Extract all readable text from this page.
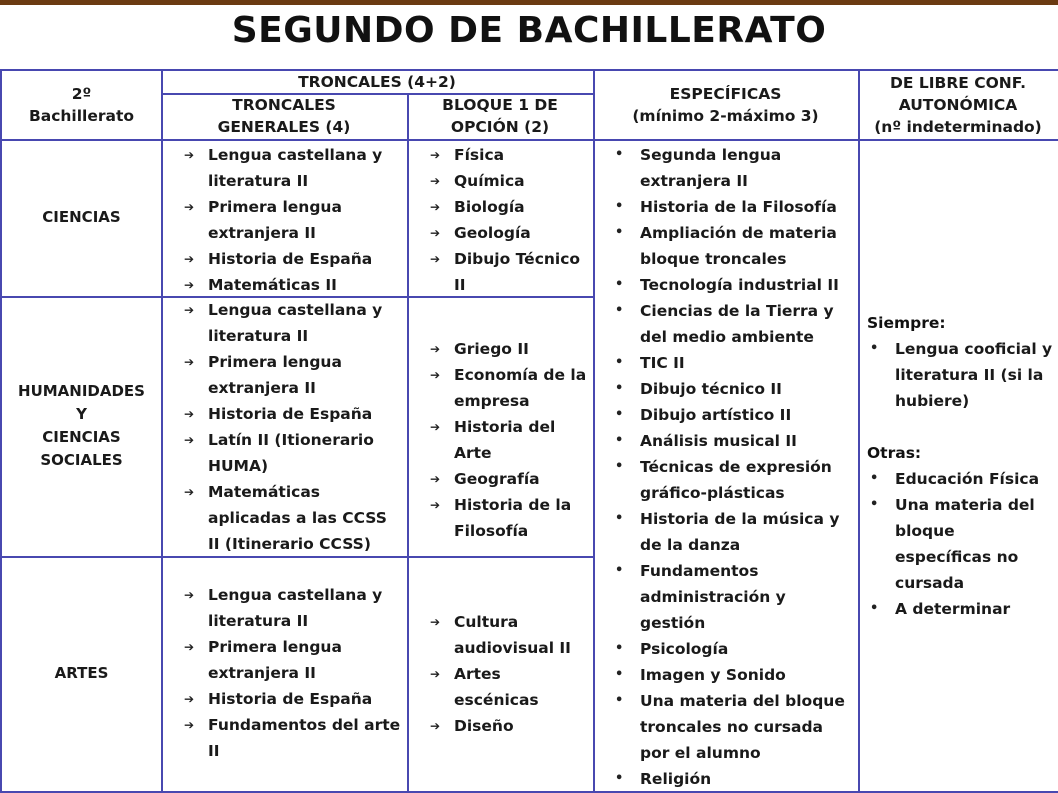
SEGUNDO DE BACHILLERATO
2º
Bachillerato
TRONCALES (4+2)
TRONCALES
GENERALES (4)
BLOQUE 1 DE
OPCIÓN (2)
ESPECÍFICAS
(mínimo 2-máximo 3)
DE LIBRE CONF.
AUTONÓMICA
(nº indeterminado)
CIENCIAS
HUMANIDADES
Y
CIENCIAS
SOCIALES
ARTES
➔ Lengua castellana y literatura II
➔ Primera lengua extranjera II
➔ Historia de España
➔ Matemáticas II
➔ Lengua castellana y literatura II
➔ Primera lengua extranjera II
➔ Historia de España
➔ Latín II (Itionerario HUMA)
➔ Matemáticas aplicadas a las CCSS II (Itinerario CCSS)
➔ Lengua castellana y literatura II
➔ Primera lengua extranjera II
➔ Historia de España
➔ Fundamentos del arte II
➔ Física
➔ Química
➔ Biología
➔ Geología
➔ Dibujo Técnico II
➔ Griego II
➔ Economía de la empresa
➔ Historia del Arte
➔ Geografía
➔ Historia de la Filosofía
➔ Cultura audiovisual II
➔ Artes escénicas
➔ Diseño
• Segunda lengua extranjera II
• Historia de la Filosofía
• Ampliación de materia bloque troncales
• Tecnología industrial II
• Ciencias de la Tierra y del medio ambiente
• TIC II
• Dibujo técnico II
• Dibujo artístico II
• Análisis musical II
• Técnicas de expresión gráfico-plásticas
• Historia de la música y de la danza
• Fundamentos administración y gestión
• Psicología
• Imagen y Sonido
• Una materia del bloque troncales no cursada por el alumno
• Religión
Siempre:
• Lengua cooficial y literatura II (si la hubiere)
Otras:
• Educación Física
• Una materia del bloque específicas no cursada
• A determinar
